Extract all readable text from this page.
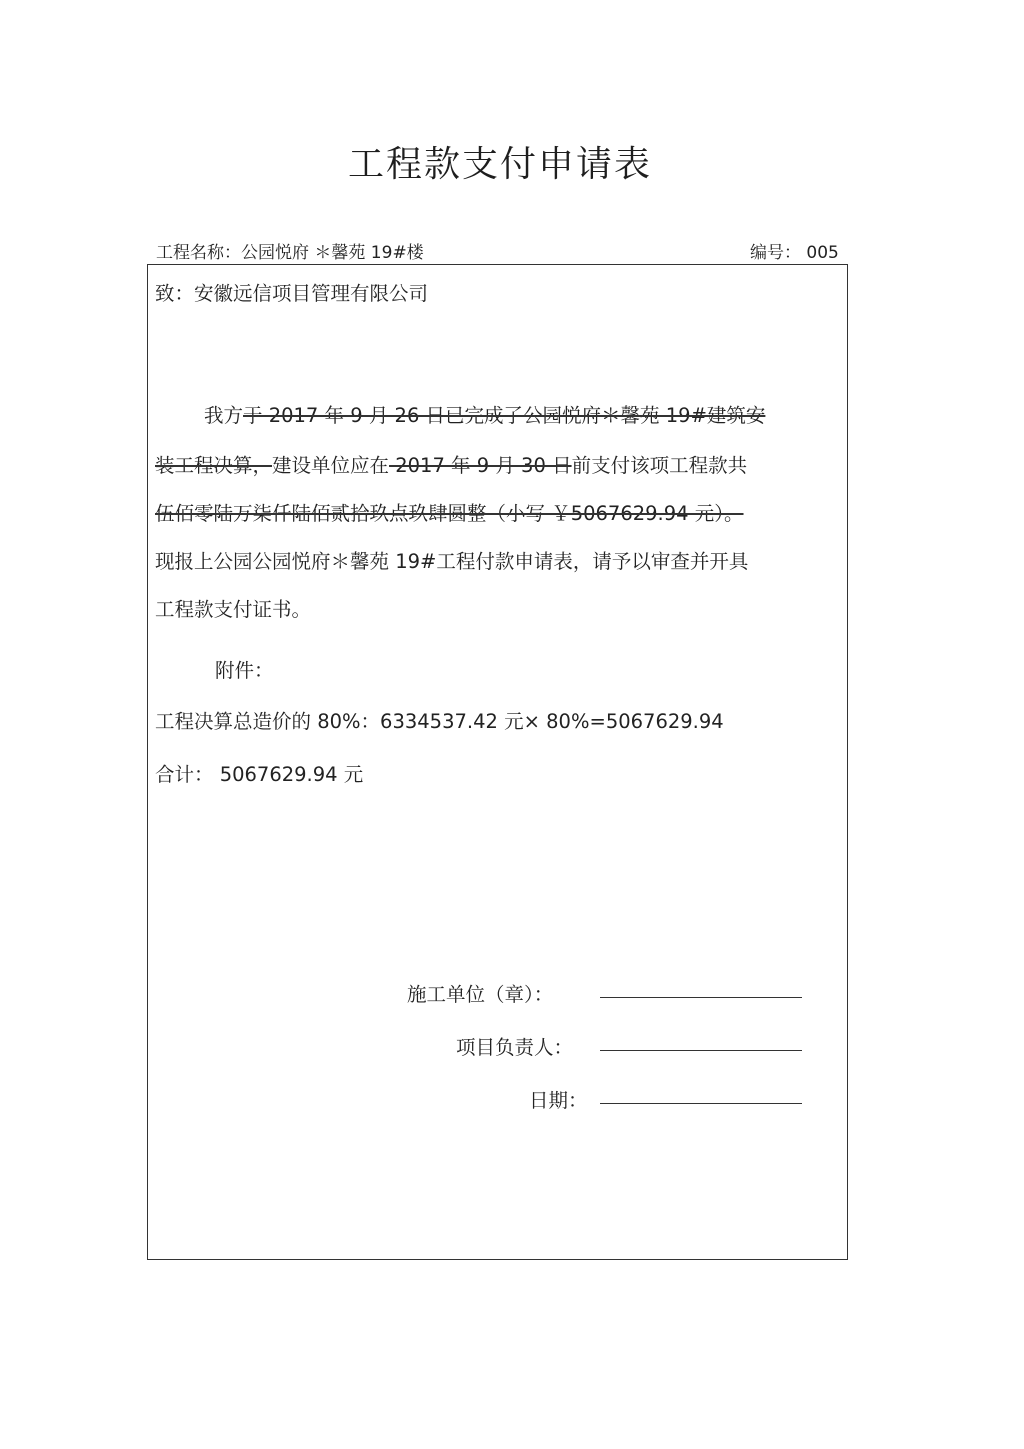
工程款支付申请表
工程名称：公园悦府 ＊馨苑 19#楼	编号： 005
致：安徽远信项目管理有限公司
我方于 2017 年 9 月 26 日已完成了公园悦府＊馨苑 19#建筑安
装工程决算，建设单位应在 2017 年 9 月 30 日前支付该项工程款共
伍佰零陆万柒仟陆佰贰拾玖点玖肆圆整（小写 ￥5067629.94 元）。
现报上公园公园悦府＊馨苑 19#工程付款申请表，请予以审查并开具
工程款支付证书。
附件：
工程决算总造价的 80%：6334537.42 元× 80%=5067629.94
合计： 5067629.94 元
施工单位（章）：
项目负责人：
日期：
